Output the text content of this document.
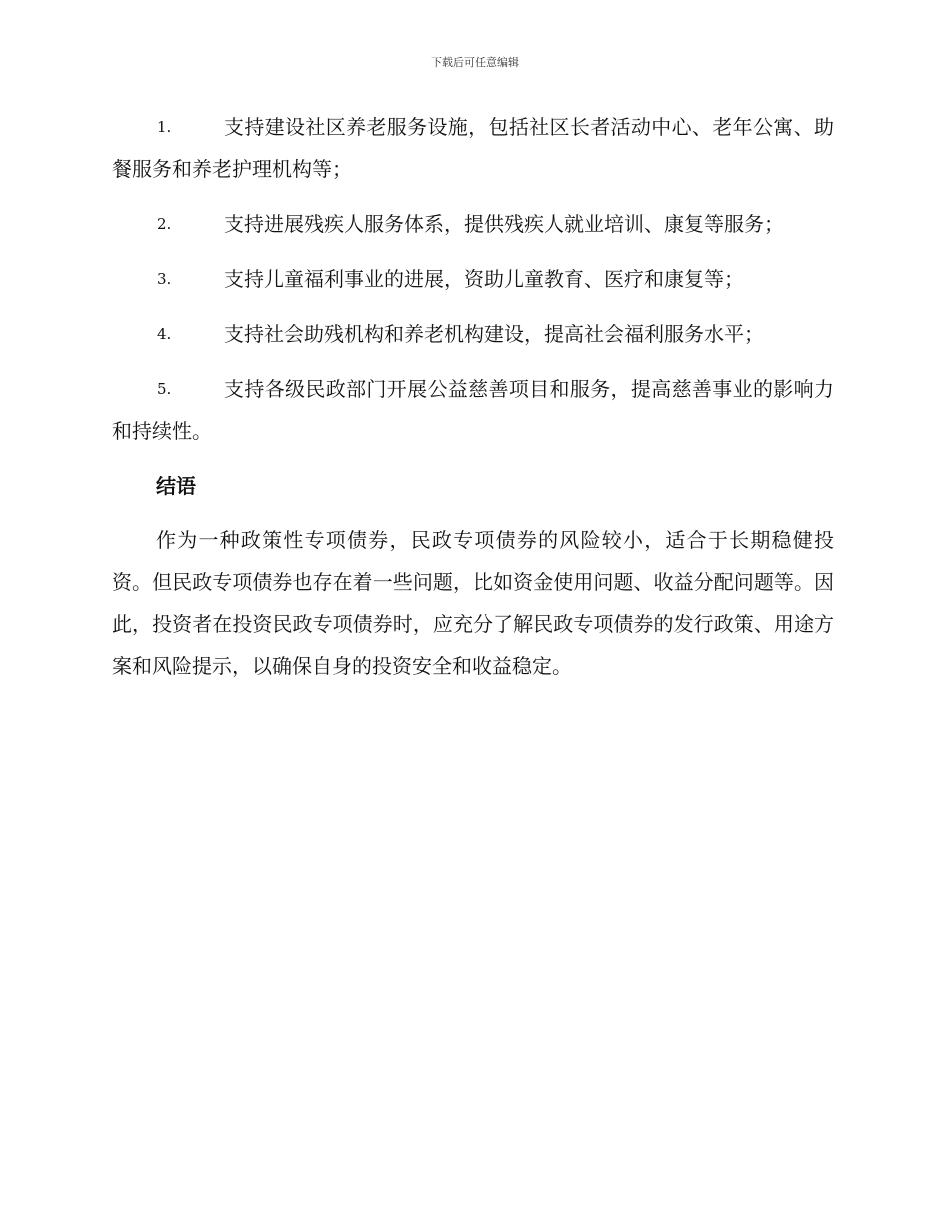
下载后可任意编辑
1.	支持建设社区养老服务设施，包括社区长者活动中心、老年公寓、助餐服务和养老护理机构等；
2.	支持进展残疾人服务体系，提供残疾人就业培训、康复等服务；
3.	支持儿童福利事业的进展，资助儿童教育、医疗和康复等；
4.	支持社会助残机构和养老机构建设，提高社会福利服务水平；
5.	支持各级民政部门开展公益慈善项目和服务，提高慈善事业的影响力和持续性。
结语

作为一种政策性专项债券，民政专项债券的风险较小，适合于长期稳健投资。但民政专项债券也存在着一些问题，比如资金使用问题、收益分配问题等。因此，投资者在投资民政专项债券时，应充分了解民政专项债券的发行政策、用途方案和风险提示，以确保自身的投资安全和收益稳定。
